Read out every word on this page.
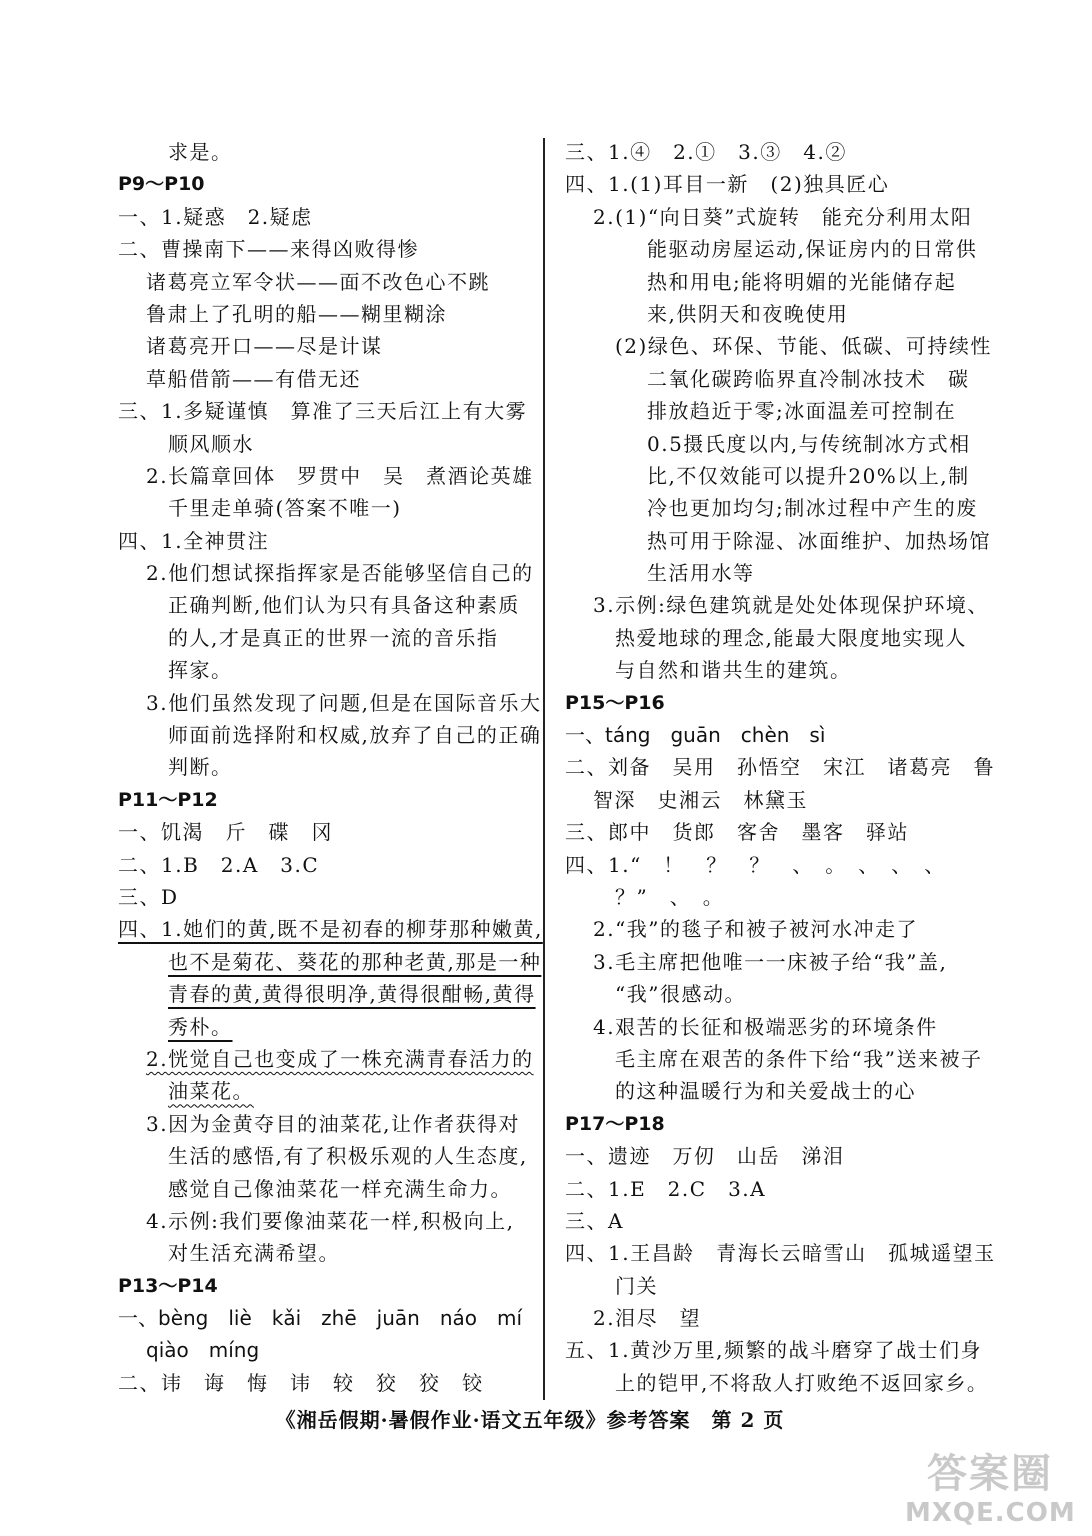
求是。
P9～P10
一、1.疑惑　2.疑虑
二、曹操南下——来得凶败得惨
诸葛亮立军令状——面不改色心不跳
鲁肃上了孔明的船——糊里糊涂
诸葛亮开口——尽是计谋
草船借箭——有借无还
三、1.多疑谨慎　算准了三天后江上有大雾
顺风顺水
2.长篇章回体　罗贯中　吴　煮酒论英雄
千里走单骑(答案不唯一)
四、1.全神贯注
2.他们想试探指挥家是否能够坚信自己的
正确判断,他们认为只有具备这种素质
的人,才是真正的世界一流的音乐指
挥家。
3.他们虽然发现了问题,但是在国际音乐大
师面前选择附和权威,放弃了自己的正确
判断。
P11～P12
一、饥渴　斤　碟　冈
二、1.B　2.A　3.C
三、D
四、1.她们的黄,既不是初春的柳芽那种嫩黄,
也不是菊花、葵花的那种老黄,那是一种
青春的黄,黄得很明净,黄得很酣畅,黄得
秀朴。
2.恍觉自己也变成了一株充满青春活力的
油菜花。
3.因为金黄夺目的油菜花,让作者获得对
生活的感悟,有了积极乐观的人生态度,
感觉自己像油菜花一样充满生命力。
4.示例:我们要像油菜花一样,积极向上,
对生活充满希望。
P13～P14
一、bèng　liè　kǎi　zhē　juān　náo　mí
qiào　míng
二、讳　诲　悔　讳　较　狡　狡　铰
三、1.④　2.①　3.③　4.②
四、1.(1)耳目一新　(2)独具匠心
2.(1)“向日葵”式旋转　能充分利用太阳
能驱动房屋运动,保证房内的日常供
热和用电;能将明媚的光能储存起
来,供阴天和夜晚使用
(2)绿色、环保、节能、低碳、可持续性
二氧化碳跨临界直冷制冰技术　碳
排放趋近于零;冰面温差可控制在
0.5摄氏度以内,与传统制冰方式相
比,不仅效能可以提升20%以上,制
冷也更加均匀;制冰过程中产生的废
热可用于除湿、冰面维护、加热场馆
生活用水等
3.示例:绿色建筑就是处处体现保护环境、
热爱地球的理念,能最大限度地实现人
与自然和谐共生的建筑。
P15～P16
一、táng　guān　chèn　sì
二、刘备　吴用　孙悟空　宋江　诸葛亮　鲁
智深　史湘云　林黛玉
三、郎中　货郎　客舍　墨客　驿站
四、1.“　！　？　？　、　。　、　、　、
？”　、　。
2.“我”的毯子和被子被河水冲走了
3.毛主席把他唯一一床被子给“我”盖,
“我”很感动。
4.艰苦的长征和极端恶劣的环境条件
毛主席在艰苦的条件下给“我”送来被子
的这种温暖行为和关爱战士的心
P17～P18
一、遗迹　万仞　山岳　涕泪
二、1.E　2.C　3.A
三、A
四、1.王昌龄　青海长云暗雪山　孤城遥望玉
门关
2.泪尽　望
五、1.黄沙万里,频繁的战斗磨穿了战士们身
上的铠甲,不将敌人打败绝不返回家乡。
《湘岳假期·暑假作业·语文五年级》参考答案　第 2 页
答案圈
MXQE.COM
